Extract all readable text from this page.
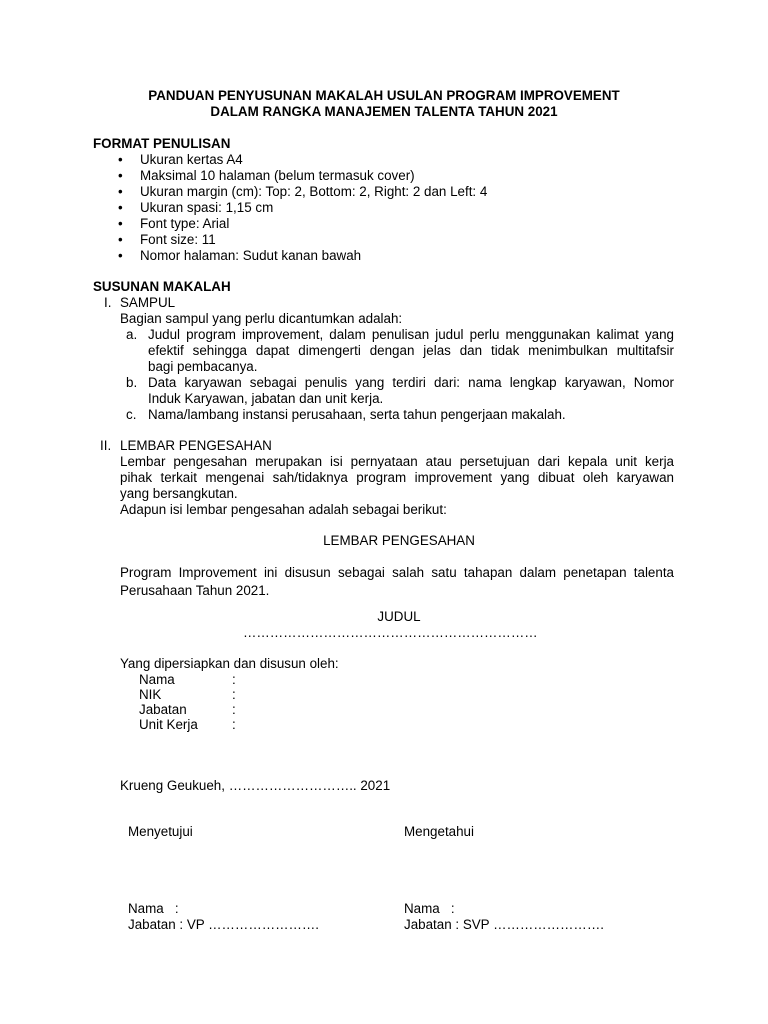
PANDUAN PENYUSUNAN MAKALAH USULAN PROGRAM IMPROVEMENT
DALAM RANGKA MANAJEMEN TALENTA TAHUN 2021
FORMAT PENULISAN
• Ukuran kertas A4
• Maksimal 10 halaman (belum termasuk cover)
• Ukuran margin (cm): Top: 2, Bottom: 2, Right: 2 dan Left: 4
• Ukuran spasi: 1,15 cm
• Font type: Arial
• Font size: 11
• Nomor halaman: Sudut kanan bawah
SUSUNAN MAKALAH
I. SAMPUL
Bagian sampul yang perlu dicantumkan adalah:
a. Judul program improvement, dalam penulisan judul perlu menggunakan kalimat yang
efektif sehingga dapat dimengerti dengan jelas dan tidak menimbulkan multitafsir
bagi pembacanya.
b. Data karyawan sebagai penulis yang terdiri dari: nama lengkap karyawan, Nomor
Induk Karyawan, jabatan dan unit kerja.
c. Nama/lambang instansi perusahaan, serta tahun pengerjaan makalah.
II. LEMBAR PENGESAHAN
Lembar pengesahan merupakan isi pernyataan atau persetujuan dari kepala unit kerja
pihak terkait mengenai sah/tidaknya program improvement yang dibuat oleh karyawan
yang bersangkutan.
Adapun isi lembar pengesahan adalah sebagai berikut:
LEMBAR PENGESAHAN
Program Improvement ini disusun sebagai salah satu tahapan dalam penetapan talenta
Perusahaan Tahun 2021.
JUDUL
…………………………………………………………
Yang dipersiapkan dan disusun oleh:
Nama	:
NIK	:
Jabatan	:
Unit Kerja	:
Krueng Geukueh, ……………………….. 2021
Menyetujui	Mengetahui
Nama   :	Nama   :
Jabatan : VP …………………….	Jabatan : SVP …………………….
